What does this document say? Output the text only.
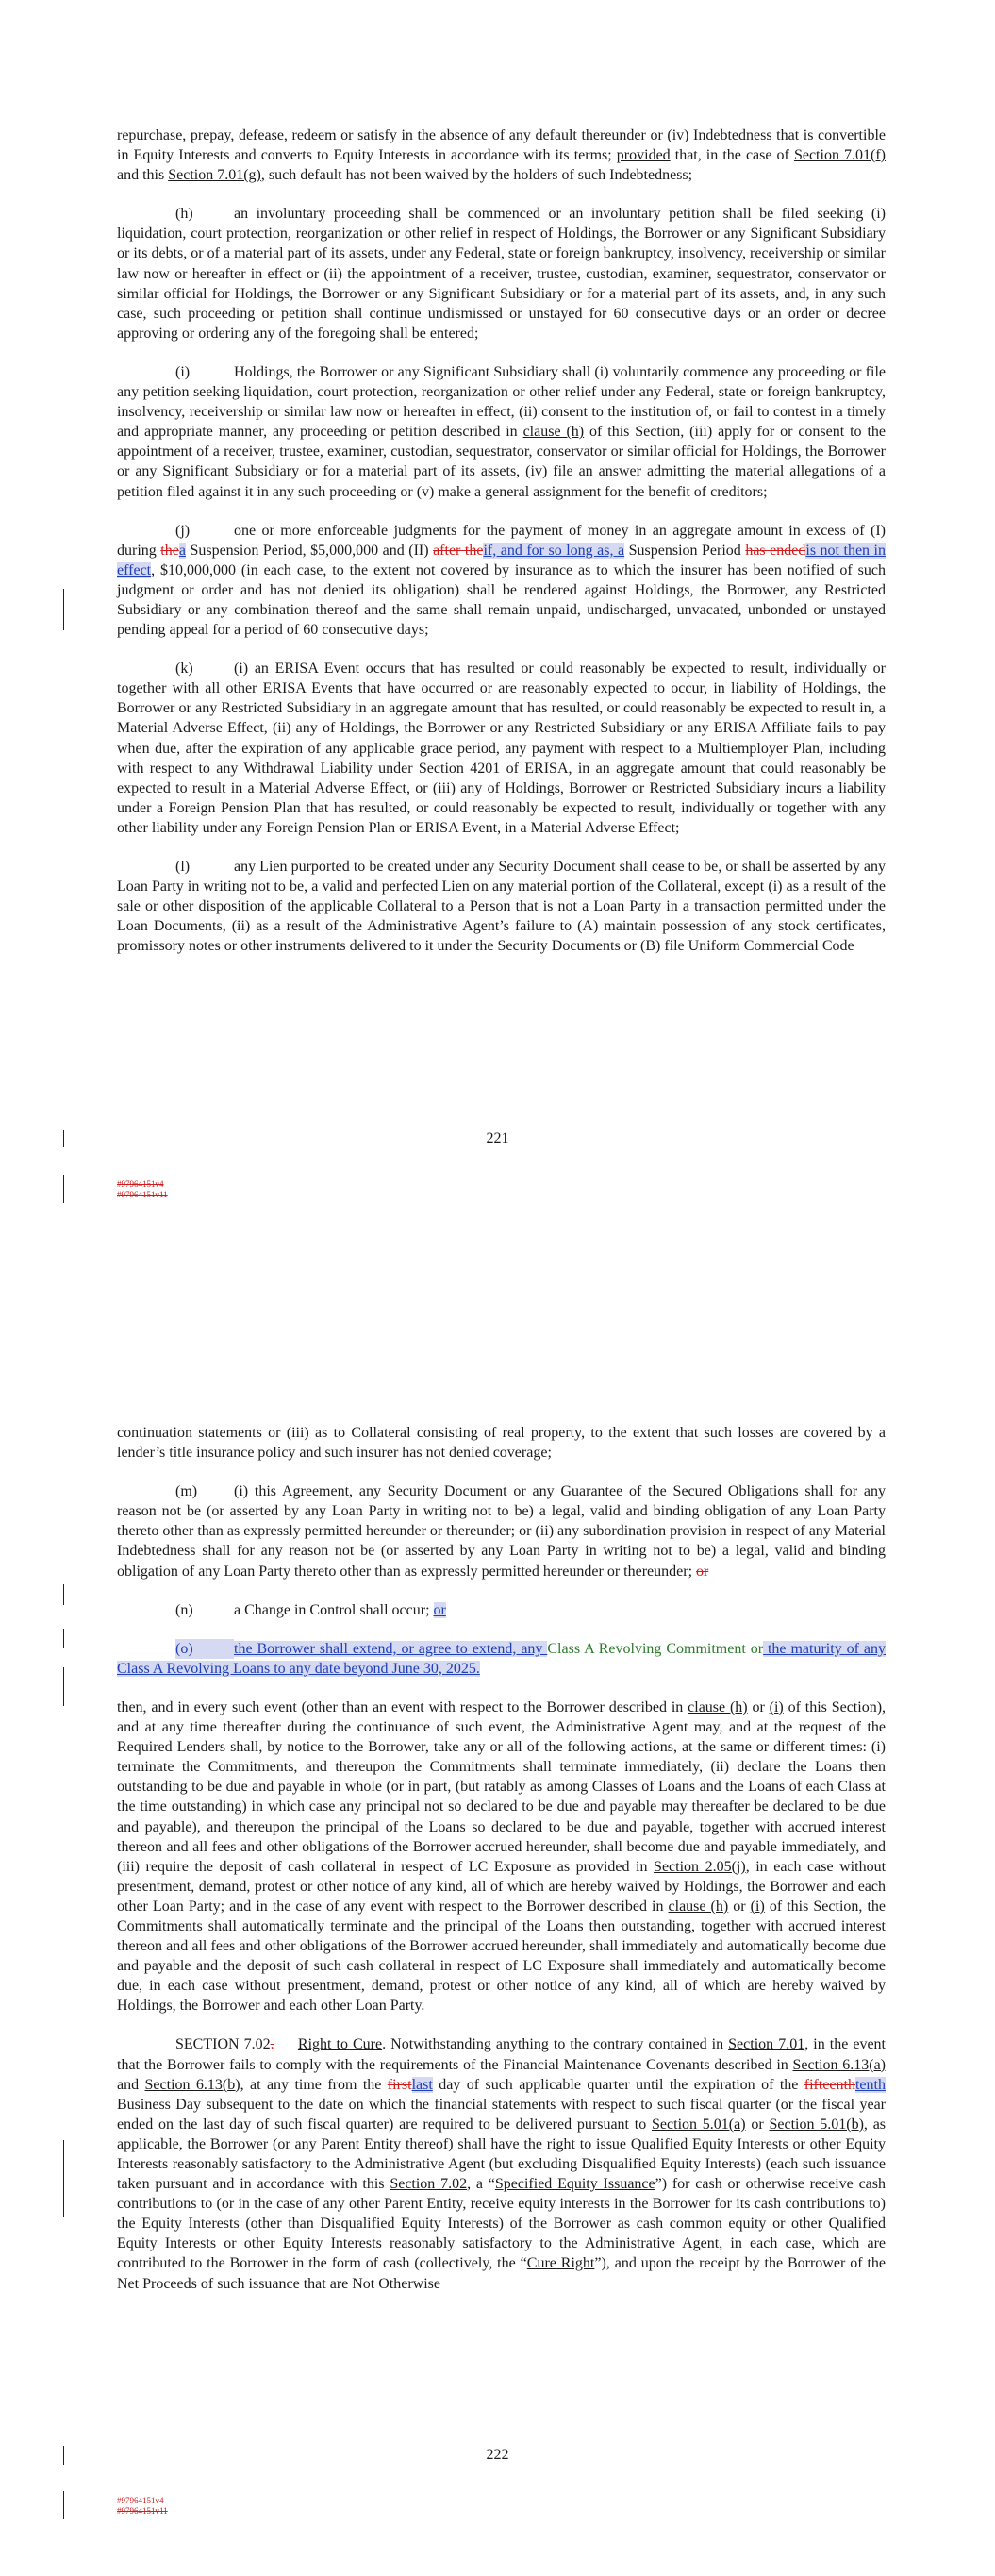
repurchase, prepay, defease, redeem or satisfy in the absence of any default thereunder or (iv) Indebtedness that is convertible in Equity Interests and converts to Equity Interests in accordance with its terms; provided that, in the case of Section 7.01(f) and this Section 7.01(g), such default has not been waived by the holders of such Indebtedness;

(h)	an involuntary proceeding shall be commenced or an involuntary petition shall be filed seeking (i) liquidation, court protection, reorganization or other relief in respect of Holdings, the Borrower or any Significant Subsidiary or its debts, or of a material part of its assets, under any Federal, state or foreign bankruptcy, insolvency, receivership or similar law now or hereafter in effect or (ii) the appointment of a receiver, trustee, custodian, examiner, sequestrator, conservator or similar official for Holdings, the Borrower or any Significant Subsidiary or for a material part of its assets, and, in any such case, such proceeding or petition shall continue undismissed or unstayed for 60 consecutive days or an order or decree approving or ordering any of the foregoing shall be entered;

(i)	Holdings, the Borrower or any Significant Subsidiary shall (i) voluntarily commence any proceeding or file any petition seeking liquidation, court protection, reorganization or other relief under any Federal, state or foreign bankruptcy, insolvency, receivership or similar law now or hereafter in effect, (ii) consent to the institution of, or fail to contest in a timely and appropriate manner, any proceeding or petition described in clause (h) of this Section, (iii) apply for or consent to the appointment of a receiver, trustee, examiner, custodian, sequestrator, conservator or similar official for Holdings, the Borrower or any Significant Subsidiary or for a material part of its assets, (iv) file an answer admitting the material allegations of a petition filed against it in any such proceeding or (v) make a general assignment for the benefit of creditors;

(j)	one or more enforceable judgments for the payment of money in an aggregate amount in excess of (I) during thea Suspension Period, $5,000,000 and (II) after theif, and for so long as, a Suspension Period has endedis not then in effect, $10,000,000 (in each case, to the extent not covered by insurance as to which the insurer has been notified of such judgment or order and has not denied its obligation) shall be rendered against Holdings, the Borrower, any Restricted Subsidiary or any combination thereof and the same shall remain unpaid, undischarged, unvacated, unbonded or unstayed pending appeal for a period of 60 consecutive days;

(k)	(i) an ERISA Event occurs that has resulted or could reasonably be expected to result, individually or together with all other ERISA Events that have occurred or are reasonably expected to occur, in liability of Holdings, the Borrower or any Restricted Subsidiary in an aggregate amount that has resulted, or could reasonably be expected to result in, a Material Adverse Effect, (ii) any of Holdings, the Borrower or any Restricted Subsidiary or any ERISA Affiliate fails to pay when due, after the expiration of any applicable grace period, any payment with respect to a Multiemployer Plan, including with respect to any Withdrawal Liability under Section 4201 of ERISA, in an aggregate amount that could reasonably be expected to result in a Material Adverse Effect, or (iii) any of Holdings, Borrower or Restricted Subsidiary incurs a liability under a Foreign Pension Plan that has resulted, or could reasonably be expected to result, individually or together with any other liability under any Foreign Pension Plan or ERISA Event, in a Material Adverse Effect;

(l)	any Lien purported to be created under any Security Document shall cease to be, or shall be asserted by any Loan Party in writing not to be, a valid and perfected Lien on any material portion of the Collateral, except (i) as a result of the sale or other disposition of the applicable Collateral to a Person that is not a Loan Party in a transaction permitted under the Loan Documents, (ii) as a result of the Administrative Agent’s failure to (A) maintain possession of any stock certificates, promissory notes or other instruments delivered to it under the Security Documents or (B) file Uniform Commercial Code

221
#97964151v4
#97964151v11

continuation statements or (iii) as to Collateral consisting of real property, to the extent that such losses are covered by a lender’s title insurance policy and such insurer has not denied coverage;

(m) (i) this Agreement, any Security Document or any Guarantee of the Secured Obligations shall for any reason not be (or asserted by any Loan Party in writing not to be) a legal, valid and binding obligation of any Loan Party thereto other than as expressly permitted hereunder or thereunder; or (ii) any subordination provision in respect of any Material Indebtedness shall for any reason not be (or asserted by any Loan Party in writing not to be) a legal, valid and binding obligation of any Loan Party thereto other than as expressly permitted hereunder or thereunder; or

(n)	a Change in Control shall occur; or

(o)	the Borrower shall extend, or agree to extend, any Class A Revolving Commitment or the maturity of any Class A Revolving Loans to any date beyond June 30, 2025.

then, and in every such event (other than an event with respect to the Borrower described in clause (h) or (i) of this Section), and at any time thereafter during the continuance of such event, the Administrative Agent may, and at the request of the Required Lenders shall, by notice to the Borrower, take any or all of the following actions, at the same or different times: (i) terminate the Commitments, and thereupon the Commitments shall terminate immediately, (ii) declare the Loans then outstanding to be due and payable in whole (or in part, (but ratably as among Classes of Loans and the Loans of each Class at the time outstanding) in which case any principal not so declared to be due and payable may thereafter be declared to be due and payable), and thereupon the principal of the Loans so declared to be due and payable, together with accrued interest thereon and all fees and other obligations of the Borrower accrued hereunder, shall become due and payable immediately, and (iii) require the deposit of cash collateral in respect of LC Exposure as provided in Section 2.05(j), in each case without presentment, demand, protest or other notice of any kind, all of which are hereby waived by Holdings, the Borrower and each other Loan Party; and in the case of any event with respect to the Borrower described in clause (h) or (i) of this Section, the Commitments shall automatically terminate and the principal of the Loans then outstanding, together with accrued interest thereon and all fees and other obligations of the Borrower accrued hereunder, shall immediately and automatically become due and payable and the deposit of such cash collateral in respect of LC Exposure shall immediately and automatically become due, in each case without presentment, demand, protest or other notice of any kind, all of which are hereby waived by Holdings, the Borrower and each other Loan Party.

SECTION 7.02. Right to Cure. Notwithstanding anything to the contrary contained in Section 7.01, in the event that the Borrower fails to comply with the requirements of the Financial Maintenance Covenants described in Section 6.13(a) and Section 6.13(b), at any time from the firstlast day of such applicable quarter until the expiration of the fifteenthtenth Business Day subsequent to the date on which the financial statements with respect to such fiscal quarter (or the fiscal year ended on the last day of such fiscal quarter) are required to be delivered pursuant to Section 5.01(a) or Section 5.01(b), as applicable, the Borrower (or any Parent Entity thereof) shall have the right to issue Qualified Equity Interests or other Equity Interests reasonably satisfactory to the Administrative Agent (but excluding Disqualified Equity Interests) (each such issuance taken pursuant and in accordance with this Section 7.02, a “Specified Equity Issuance”) for cash or otherwise receive cash contributions to (or in the case of any other Parent Entity, receive equity interests in the Borrower for its cash contributions to) the Equity Interests (other than Disqualified Equity Interests) of the Borrower as cash common equity or other Qualified Equity Interests or other Equity Interests reasonably satisfactory to the Administrative Agent, in each case, which are contributed to the Borrower in the form of cash (collectively, the “Cure Right”), and upon the receipt by the Borrower of the Net Proceeds of such issuance that are Not Otherwise

222
#97964151v4
#97964151v11
